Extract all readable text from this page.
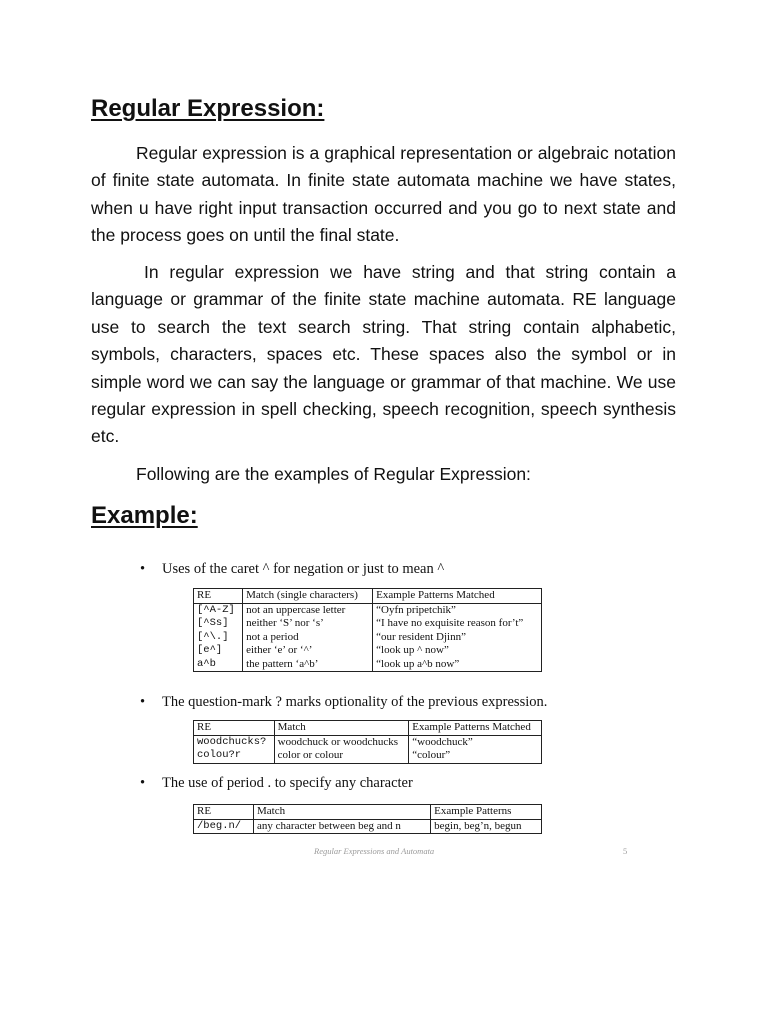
Regular Expression:

Regular expression is a graphical representation or algebraic notation of finite state automata. In finite state automata machine we have states, when u have right input transaction occurred and you go to next state and the process goes on until the final state.

In regular expression we have string and that string contain a language or grammar of the finite state machine automata. RE language use to search the text search string. That string contain alphabetic, symbols, characters, spaces etc. These spaces also the symbol or in simple word we can say the language or grammar of that machine. We use regular expression in spell checking, speech recognition, speech synthesis etc.

Following are the examples of Regular Expression:

Example:
• Uses of the caret ^ for negation or just to mean ^
RE	Match (single characters)	Example Patterns Matched
[^A-Z]	not an uppercase letter	“Oyfn pripetchik”
[^Ss]	neither ‘S’ nor ‘s’	“I have no exquisite reason for’t”
[^\.]	not a period	“our resident Djinn”
[e^]	either ‘e’ or ‘^’	“look up ^ now”
a^b	the pattern ‘a^b’	“look up a^b now”
• The question-mark ? marks optionality of the previous expression.
RE	Match	Example Patterns Matched
woodchucks?	woodchuck or woodchucks	“woodchuck”
colou?r	color or colour	“colour”
• The use of period . to specify any character
RE	Match	Example Patterns
/beg.n/	any character between beg and n	begin, beg’n, begun
Regular Expressions and Automata	5
